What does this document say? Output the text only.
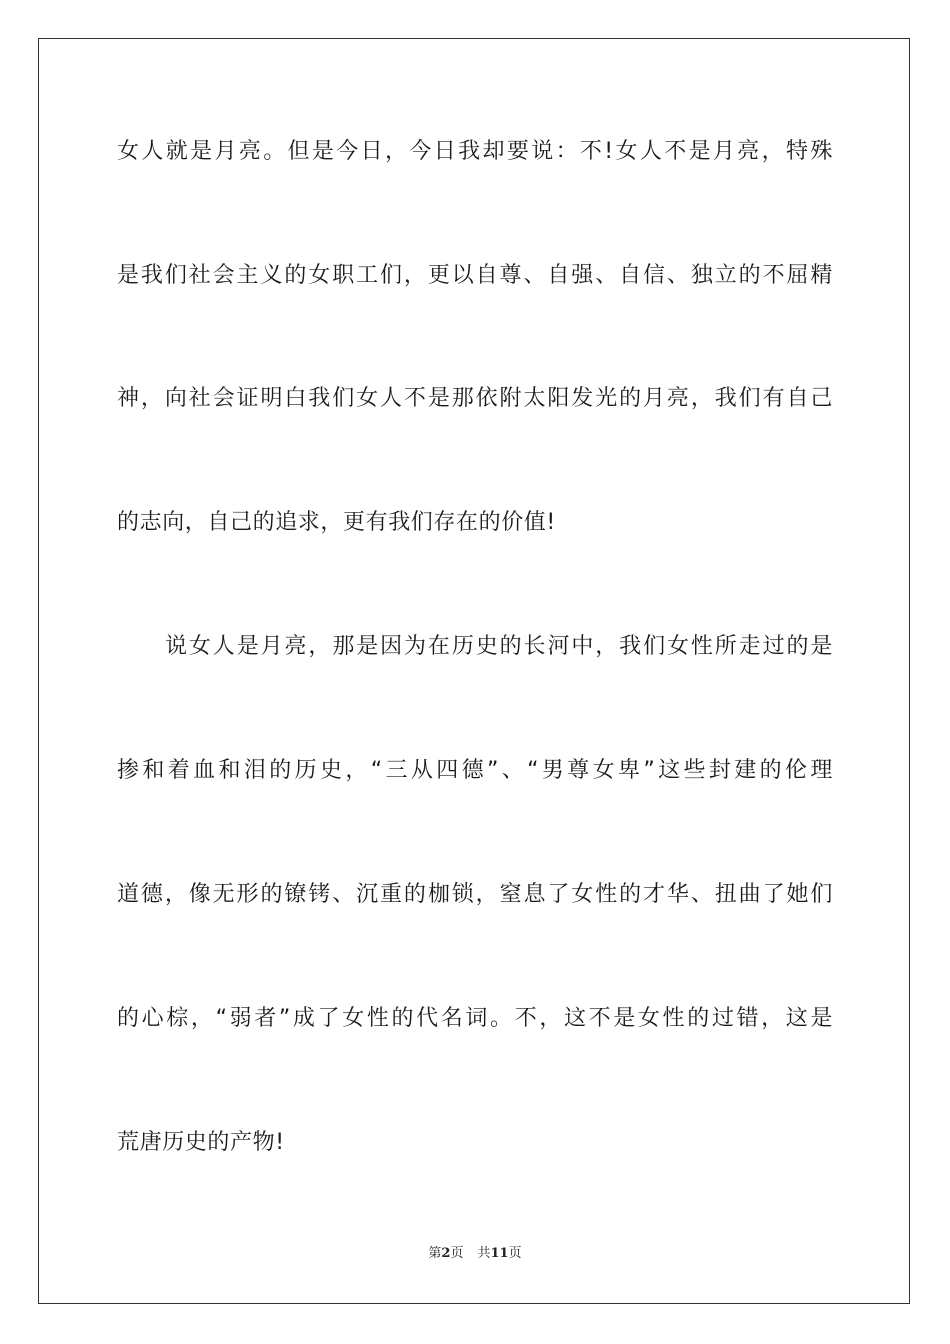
女人就是月亮。但是今日，今日我却要说：不!女人不是月亮，特殊
是我们社会主义的女职工们，更以自尊、自强、自信、独立的不屈精
神，向社会证明白我们女人不是那依附太阳发光的月亮，我们有自己
的志向，自己的追求，更有我们存在的价值!
说女人是月亮，那是因为在历史的长河中，我们女性所走过的是
掺和着血和泪的历史，“三从四德”、“男尊女卑”这些封建的伦理
道德，像无形的镣铐、沉重的枷锁，窒息了女性的才华、扭曲了她们
的心棕，“弱者”成了女性的代名词。不，这不是女性的过错，这是
荒唐历史的产物!
第2页 共11页
